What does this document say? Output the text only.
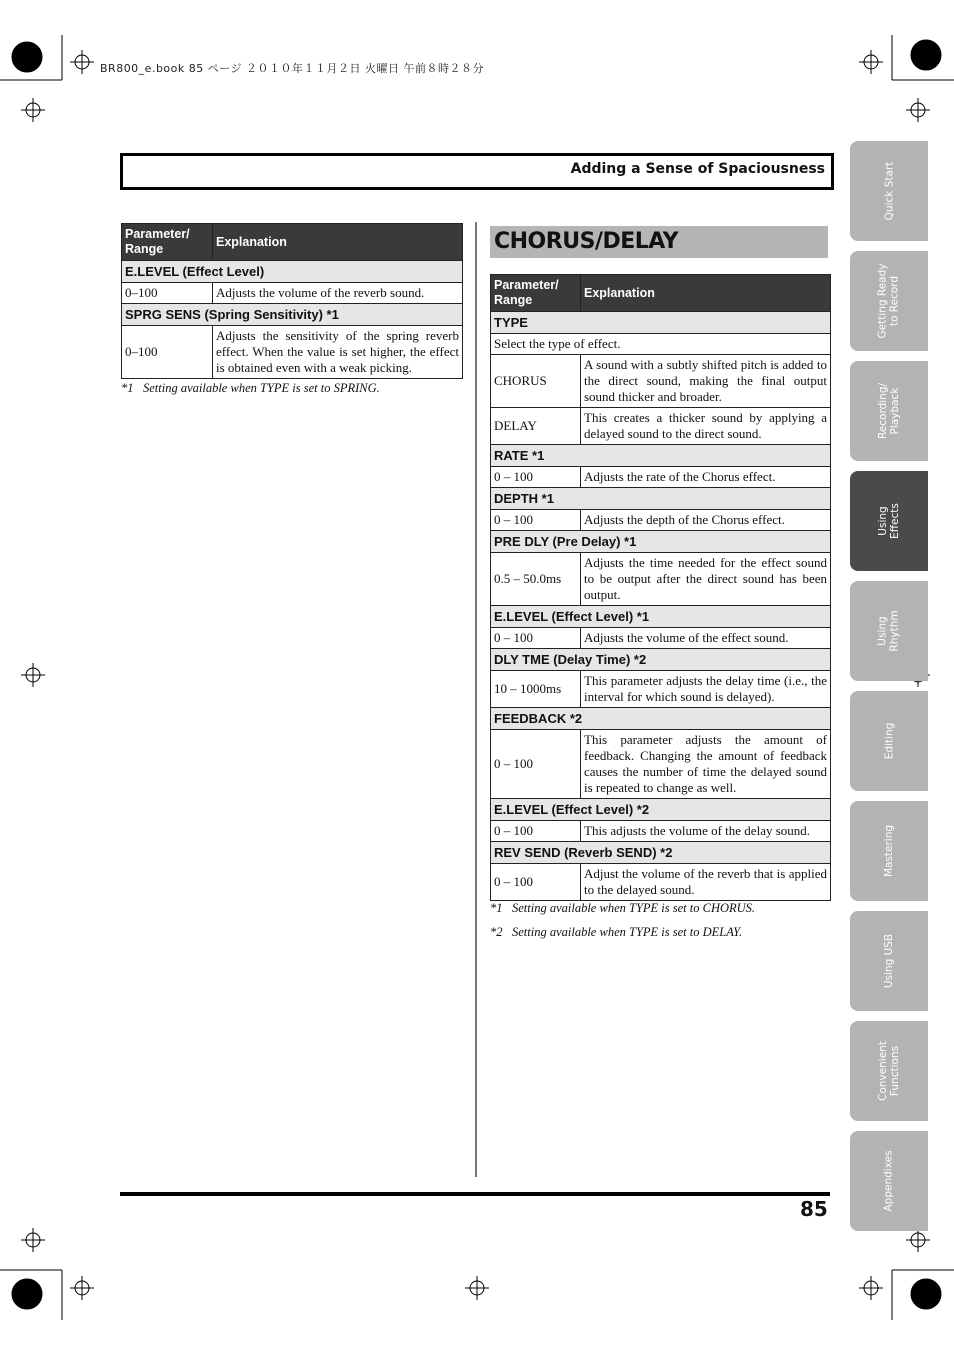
BR800_e.book 85 ページ ２０１０年１１月２日 火曜日 午前８時２８分
Adding a Sense of Spaciousness
Parameter/
Range	Explanation
E.LEVEL (Effect Level)	
0–100	Adjusts the volume of the reverb sound.
SPRG SENS (Spring Sensitivity) *1	
0–100	Adjusts the sensitivity of the spring reverb effect. When the value is set higher, the effect is obtained even with a weak picking.
*1 Setting available when TYPE is set to SPRING.
CHORUS/DELAY
Parameter/
Range	Explanation
TYPE	
Select the type of effect.	
CHORUS	A sound with a subtly shifted pitch is added to the direct sound, making the final output sound thicker and broader.
DELAY	This creates a thicker sound by applying a delayed sound to the direct sound.
RATE *1	
0 – 100	Adjusts the rate of the Chorus effect.
DEPTH *1	
0 – 100	Adjusts the depth of the Chorus effect.
PRE DLY (Pre Delay) *1	
0.5 – 50.0ms	Adjusts the time needed for the effect sound to be output after the direct sound has been output.
E.LEVEL (Effect Level) *1	
0 – 100	Adjusts the volume of the effect sound.
DLY TME (Delay Time) *2	
10 – 1000ms	This parameter adjusts the delay time (i.e., the interval for which sound is delayed).
FEEDBACK *2	
0 – 100	This parameter adjusts the amount of feedback. Changing the amount of feedback causes the number of time the delayed sound is repeated to change as well.
E.LEVEL (Effect Level) *2	
0 – 100	This adjusts the volume of the delay sound.
REV SEND (Reverb SEND) *2	
0 – 100	Adjust the volume of the reverb that is applied to the delayed sound.
*1 Setting available when TYPE is set to CHORUS.
*2 Setting available when TYPE is set to DELAY.
85
Quick Start
Getting Ready
to Record
Recording/
Playback
Using
Effects
Using
Rhythm
Editing
Mastering
Using USB
Convenient
Functions
Appendixes
